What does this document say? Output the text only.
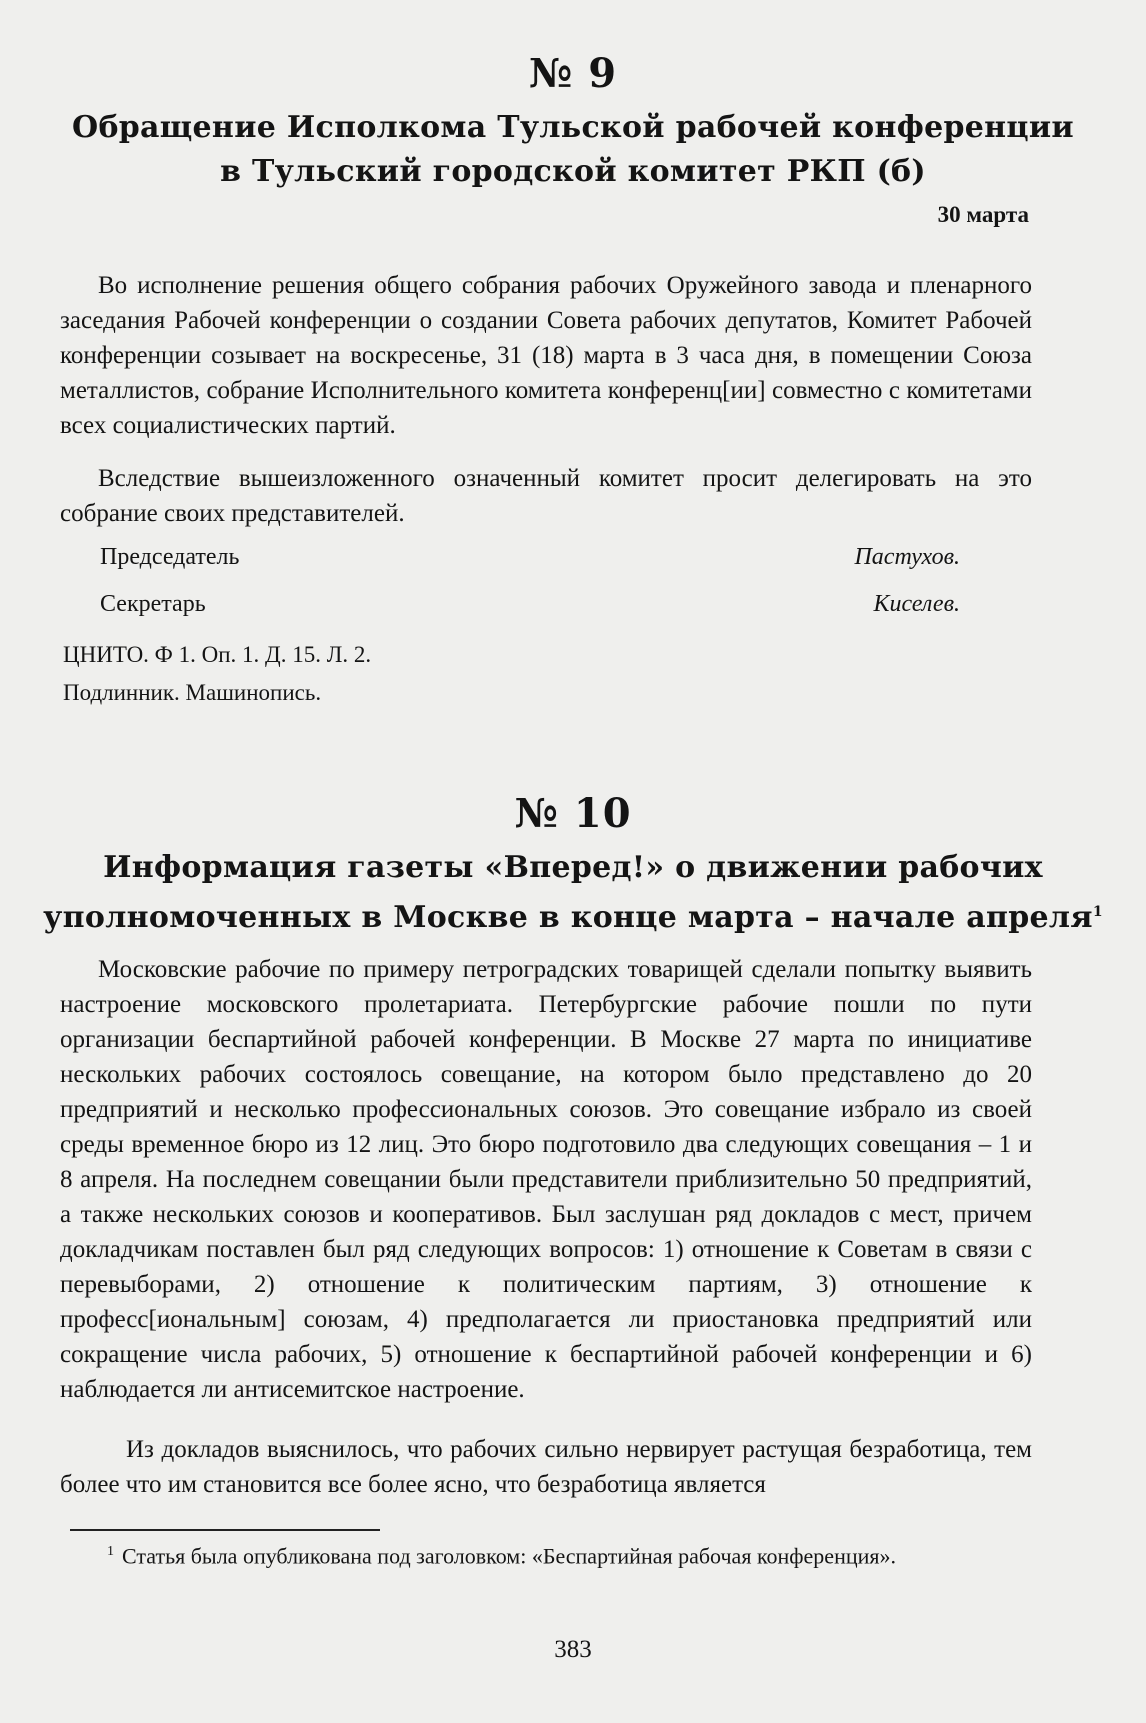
№ 9
Обращение Исполкома Тульской рабочей конференции
в Тульский городской комитет РКП (б)
30 марта

Во исполнение решения общего собрания рабочих Оружейного завода и пленарного заседания Рабочей конференции о создании Совета рабочих депутатов, Комитет Рабочей конференции созывает на воскресенье, 31 (18) марта в 3 часа дня, в помещении Союза металлистов, собрание Исполнительного комитета конференц[ии] совместно с комитетами всех социалистических партий.

Вследствие вышеизложенного означенный комитет просит делегировать на это собрание своих представителей.

Председатель	Пастухов.
Секретарь	Киселев.
ЦНИТО. Ф 1. Оп. 1. Д. 15. Л. 2.
Подлинник. Машинопись.
№ 10
Информация газеты «Вперед!» о движении рабочих
уполномоченных в Москве в конце марта – начале апреля$^1$

Московские рабочие по примеру петроградских товарищей сделали попытку выявить настроение московского пролетариата. Петербургские рабочие пошли по пути организации беспартийной рабочей конференции. В Москве 27 марта по инициативе нескольких рабочих состоялось совещание, на котором было представлено до 20 предприятий и несколько профессиональных союзов. Это совещание избрало из своей среды временное бюро из 12 лиц. Это бюро подготовило два следующих совещания – 1 и 8 апреля. На последнем совещании были представители приблизительно 50 предприятий, а также нескольких союзов и кооперативов. Был заслушан ряд докладов с мест, причем докладчикам поставлен был ряд следующих вопросов: 1) отношение к Советам в связи с перевыборами, 2) отношение к политическим партиям, 3) отношение к професс[иональным] союзам, 4) предполагается ли приостановка предприятий или сокращение числа рабочих, 5) отношение к беспартийной рабочей конференции и 6) наблюдается ли антисемитское настроение.

Из докладов выяснилось, что рабочих сильно нервирует растущая безработица, тем более что им становится все более ясно, что безработица является

$^1$ Статья была опубликована под заголовком: «Беспартийная рабочая конференция».
383
